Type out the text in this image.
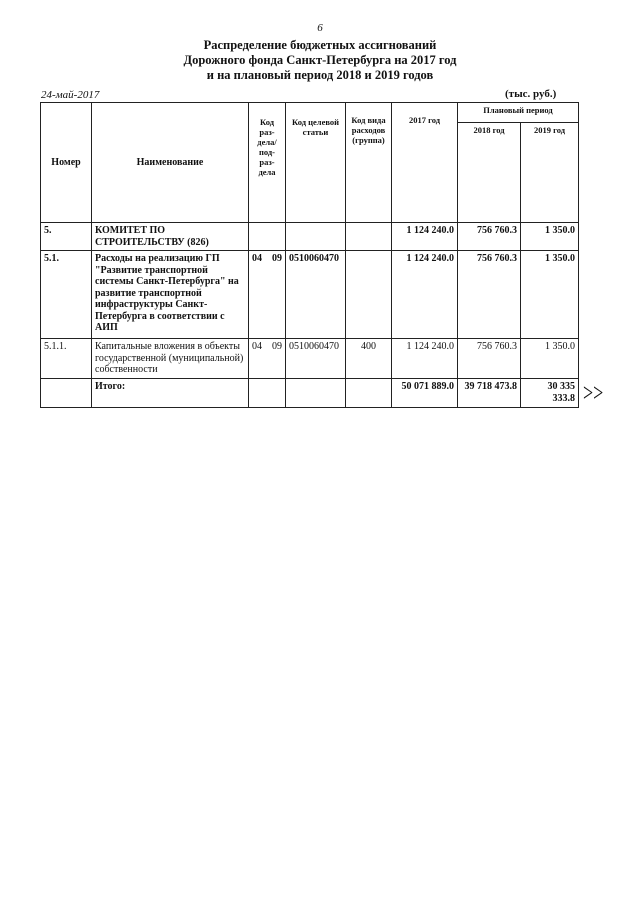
6
Распределение бюджетных ассигнований
Дорожного фонда Санкт-Петербурга на 2017 год
и на плановый период 2018 и 2019 годов
24-май-2017	(тыс. руб.)
Номер	Наименование	Код раз- дела/ под- раз- дела	Код целевой статьи	Код вида расходов (группа)	2017 год	Плановый период	
						2018 год	2019 год
5.	КОМИТЕТ ПО СТРОИТЕЛЬСТВУ (826)				1 124 240.0	756 760.3	1 350.0
5.1.	Расходы на реализацию ГП "Развитие транспортной системы Санкт-Петербурга" на развитие транспортной инфраструктуры Санкт-Петербурга в соответствии с АИП	04 09	0510060470		1 124 240.0	756 760.3	1 350.0
5.1.1.	Капитальные вложения в объекты государственной (муниципальной) собственности	04 09	0510060470	400	1 124 240.0	756 760.3	1 350.0
	Итого:				50 071 889.0	39 718 473.8	30 335 333.8 >>
